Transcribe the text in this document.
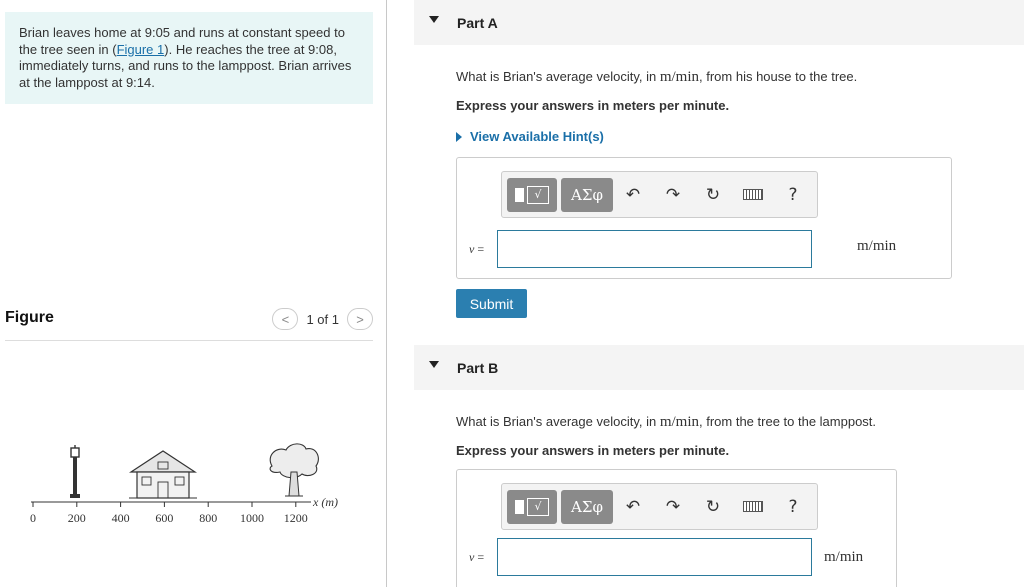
Brian leaves home at 9:05 and runs at constant speed to the tree seen in (Figure 1). He reaches the tree at 9:08, immediately turns, and runs to the lamppost. Brian arrives at the lamppost at 9:14.
Figure	<	1 of 1	>
0	200 400 600 800 1000 1200
x (m)
Part A
What is Brian's average velocity, in m/min, from his house to the tree.
Express your answers in meters per minute.
View Available Hint(s)
√	ΑΣφ	↶	↷	↻	?
v =	m/min
Submit
Part B
What is Brian's average velocity, in m/min, from the tree to the lamppost.
Express your answers in meters per minute.
√	ΑΣφ	↶	↷	↻	?
v =	m/min
